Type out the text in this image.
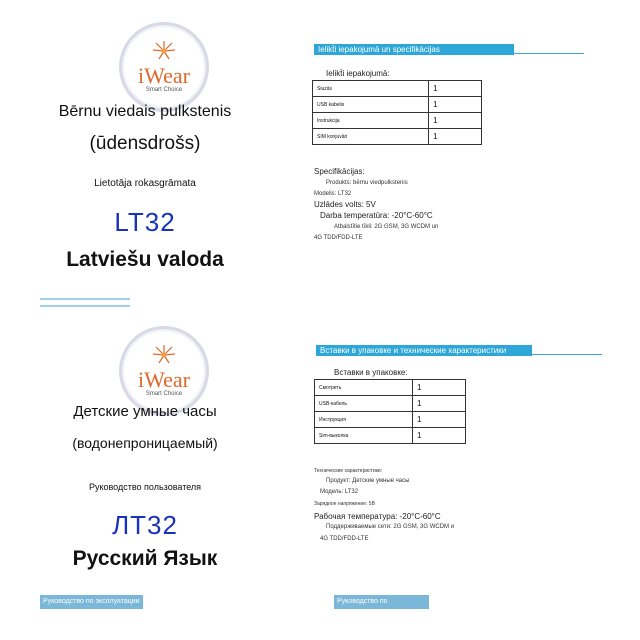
iWear
Smart Choice
Bērnu viedais pulkstenis
(ūdensdrošs)
Lietotāja rokasgrāmata
LT32
Latviešu valoda
Ielikt̄i iepakojumā un specifikācijas
Ielikt̄i iepakojumā:
Siuzās	1
USB kabelis	1
Instrukcija	1
SIM konjuvāri	1
Specifikācijas:
Produkts: bērnu viedpulkstenis
Modelis: LT32
Uzlādes volts: 5V
Darba temperatūra: -20°C-60°C
Atbalstītie tīkli: 2G GSM, 3G WCDM un
4G TDD/FDD-LTE
iWear
Smart Choice
Детские умные часы
(водонепроницаемый)
Руководство пользователя
ЛТ32
Русский Язык
Руководство по эксплуатации
Вставки в упаковке и технические характеристики
Вставки в упаковке:
Смотреть	1
USB-кабель	1
Инструкция	1
Sim-выколка	1
Технические характеристики:
Продукт: Детские умные часы
Модель: LT32
Зарядное напряжение: 5В
Рабочая температура: -20°C-60°C
Поддерживаемые сети: 2G GSM, 3G WCDM и
4G TDD/FDD-LTE
Руководство по эксплуатации
